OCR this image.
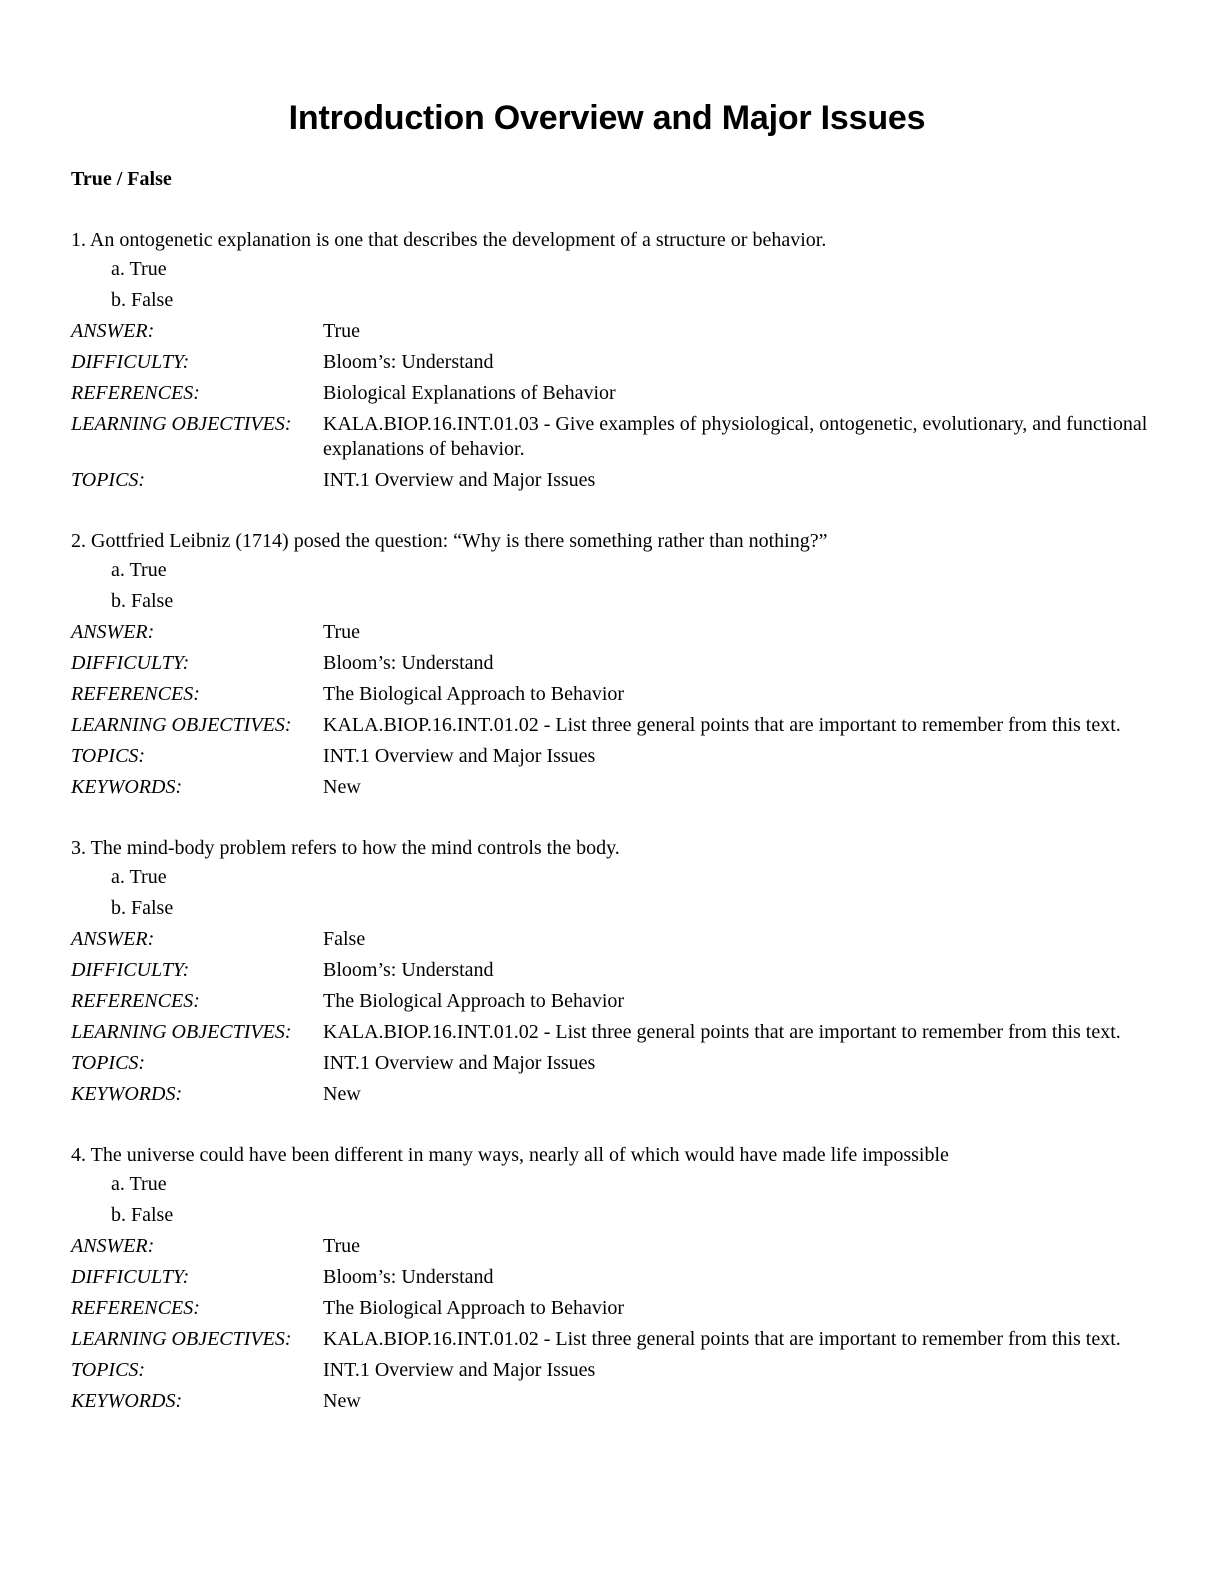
Introduction Overview and Major Issues
True / False
1. An ontogenetic explanation is one that describes the development of a structure or behavior.
a. True
b. False
ANSWER:	True
DIFFICULTY:	Bloom’s: Understand
REFERENCES:	Biological Explanations of Behavior
LEARNING OBJECTIVES:	KALA.BIOP.16.INT.01.03 - Give examples of physiological, ontogenetic, evolutionary, and functional explanations of behavior.
TOPICS:	INT.1 Overview and Major Issues
2. Gottfried Leibniz (1714) posed the question: “Why is there something rather than nothing?”
a. True
b. False
ANSWER:	True
DIFFICULTY:	Bloom’s: Understand
REFERENCES:	The Biological Approach to Behavior
LEARNING OBJECTIVES:	KALA.BIOP.16.INT.01.02 - List three general points that are important to remember from this text.
TOPICS:	INT.1 Overview and Major Issues
KEYWORDS:	New
3. The mind-body problem refers to how the mind controls the body.
a. True
b. False
ANSWER:	False
DIFFICULTY:	Bloom’s: Understand
REFERENCES:	The Biological Approach to Behavior
LEARNING OBJECTIVES:	KALA.BIOP.16.INT.01.02 - List three general points that are important to remember from this text.
TOPICS:	INT.1 Overview and Major Issues
KEYWORDS:	New
4. The universe could have been different in many ways, nearly all of which would have made life impossible
a. True
b. False
ANSWER:	True
DIFFICULTY:	Bloom’s: Understand
REFERENCES:	The Biological Approach to Behavior
LEARNING OBJECTIVES:	KALA.BIOP.16.INT.01.02 - List three general points that are important to remember from this text.
TOPICS:	INT.1 Overview and Major Issues
KEYWORDS:	New
